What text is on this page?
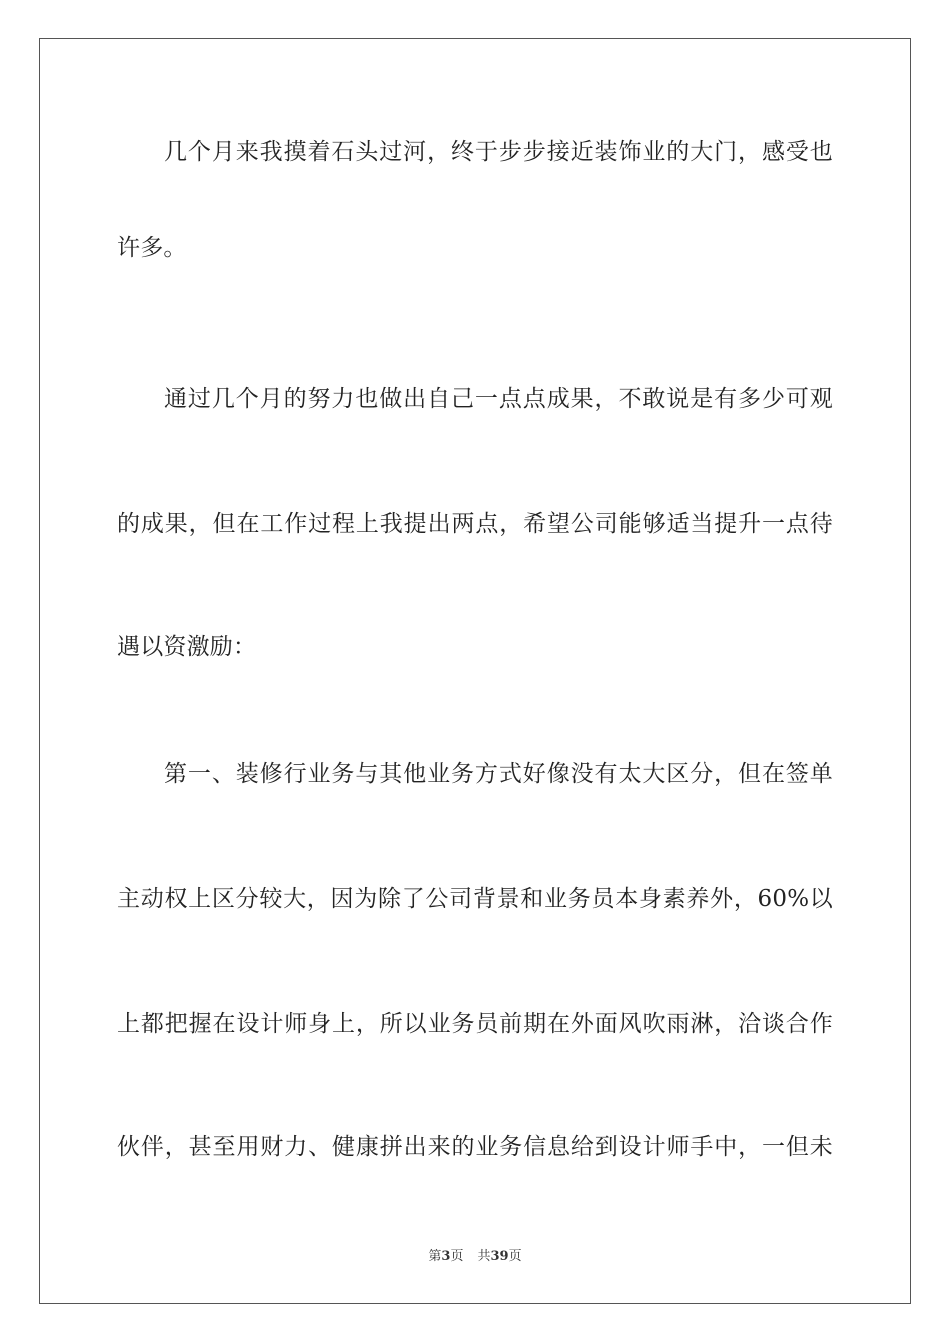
几个月来我摸着石头过河，终于步步接近装饰业的大门，感受也
许多。
通过几个月的努力也做出自己一点点成果，不敢说是有多少可观
的成果，但在工作过程上我提出两点，希望公司能够适当提升一点待
遇以资激励：
第一、装修行业务与其他业务方式好像没有太大区分，但在签单
主动权上区分较大，因为除了公司背景和业务员本身素养外，60%以
上都把握在设计师身上，所以业务员前期在外面风吹雨淋，洽谈合作
伙伴，甚至用财力、健康拼出来的业务信息给到设计师手中，一但未
第3页 共39页
